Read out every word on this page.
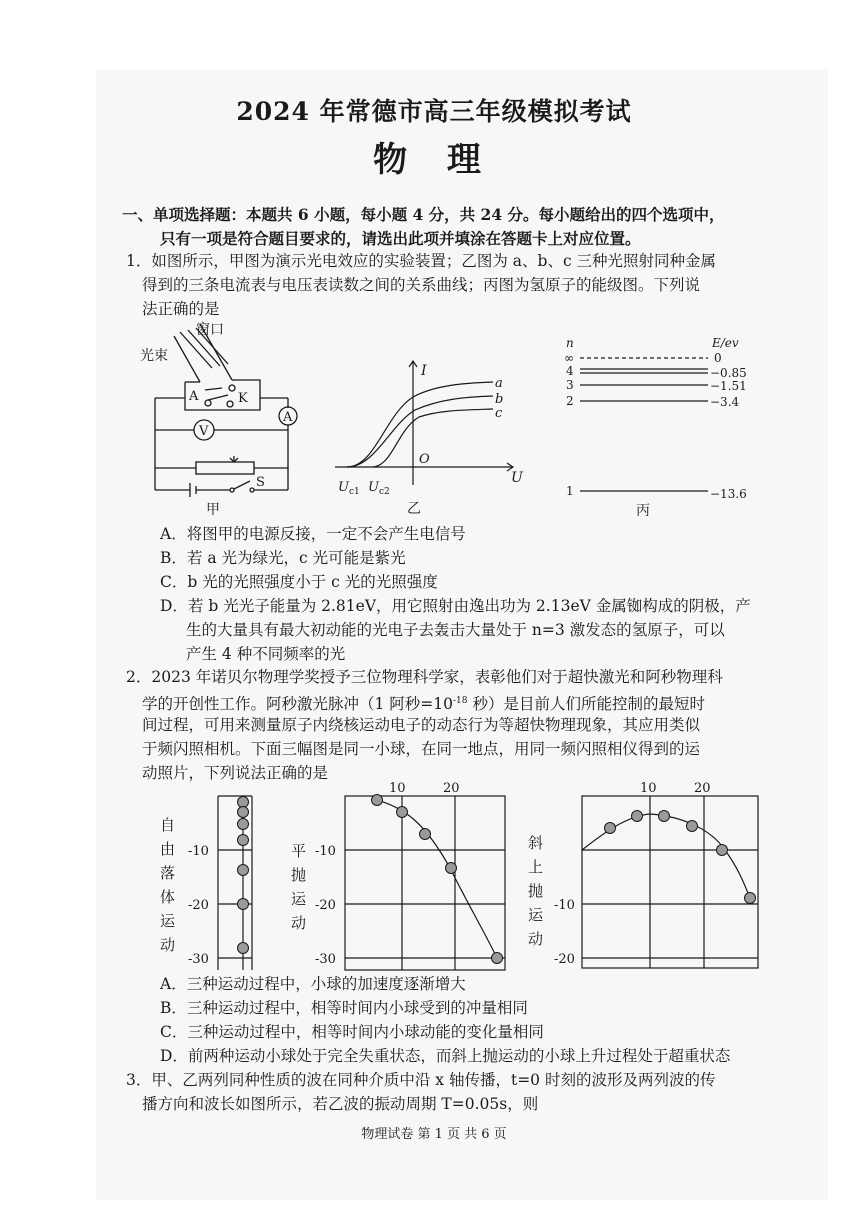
2024 年常德市高三年级模拟考试
物 理
一、单项选择题：本题共 6 小题，每小题 4 分，共 24 分。每小题给出的四个选项中，
只有一项是符合题目要求的，请选出此项并填涂在答题卡上对应位置。
1．如图所示，甲图为演示光电效应的实验装置；乙图为 a、b、c 三种光照射同种金属
得到的三条电流表与电压表读数之间的关系曲线；丙图为氢原子的能级图。下列说
法正确的是
窗口
光束
A	K
A
V
S
甲
I
U
O
a
b
c
$U_{c1}$ $U_{c2}$
乙
n	E/ev
∞	0
4	−0.85
3	−1.51
2	−3.4
1	−13.6
丙
A．将图甲的电源反接，一定不会产生电信号
B．若 a 光为绿光，c 光可能是紫光
C．b 光的光照强度小于 c 光的光照强度
D．若 b 光光子能量为 2.81eV，用它照射由逸出功为 2.13eV 金属铷构成的阴极，产
生的大量具有最大初动能的光电子去轰击大量处于 n=3 激发态的氢原子，可以
产生 4 种不同频率的光
2．2023 年诺贝尔物理学奖授予三位物理科学家，表彰他们对于超快激光和阿秒物理科
学的开创性工作。阿秒激光脉冲（1 阿秒$=10^{-18}$ 秒）是目前人们所能控制的最短时
间过程，可用来测量原子内绕核运动电子的动态行为等超快物理现象，其应用类似
于频闪照相机。下面三幅图是同一小球，在同一地点，用同一频闪照相仪得到的运
动照片，下列说法正确的是
自
由
落
体
运
动
-10
-20
-30
10	20
平
抛
运
动
-10
-20
-30
10	20
斜
上
抛
运
动
-10
-20
A．三种运动过程中，小球的加速度逐渐增大
B．三种运动过程中，相等时间内小球受到的冲量相同
C．三种运动过程中，相等时间内小球动能的变化量相同
D．前两种运动小球处于完全失重状态，而斜上抛运动的小球上升过程处于超重状态
3．甲、乙两列同种性质的波在同种介质中沿 x 轴传播，t=0 时刻的波形及两列波的传
播方向和波长如图所示，若乙波的振动周期 T=0.05s，则
物理试卷 第 1 页 共 6 页
